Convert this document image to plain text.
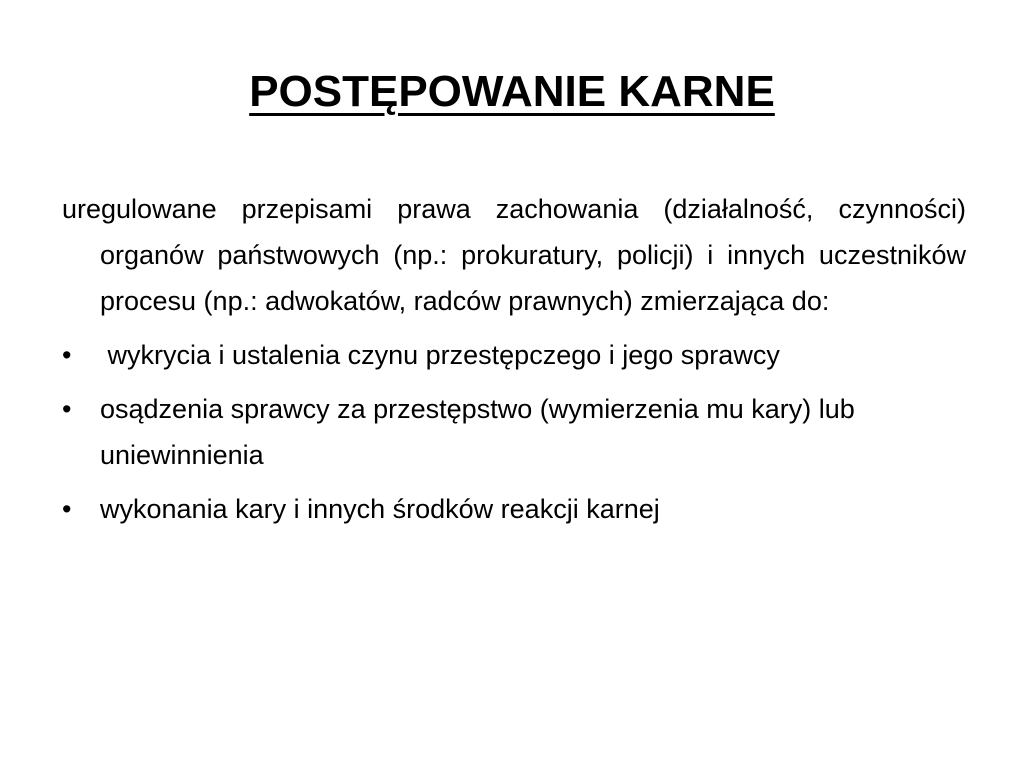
POSTĘPOWANIE KARNE

uregulowane przepisami prawa zachowania (działalność, czynności) organów państwowych (np.: prokuratury, policji) i innych uczestników procesu (np.: adwokatów, radców prawnych) zmierzająca do:

•	wykrycia i ustalenia czynu przestępczego i jego sprawcy
•	osądzenia sprawcy za przestępstwo (wymierzenia mu kary) lub   uniewinnienia
•	wykonania kary i innych środków reakcji karnej
